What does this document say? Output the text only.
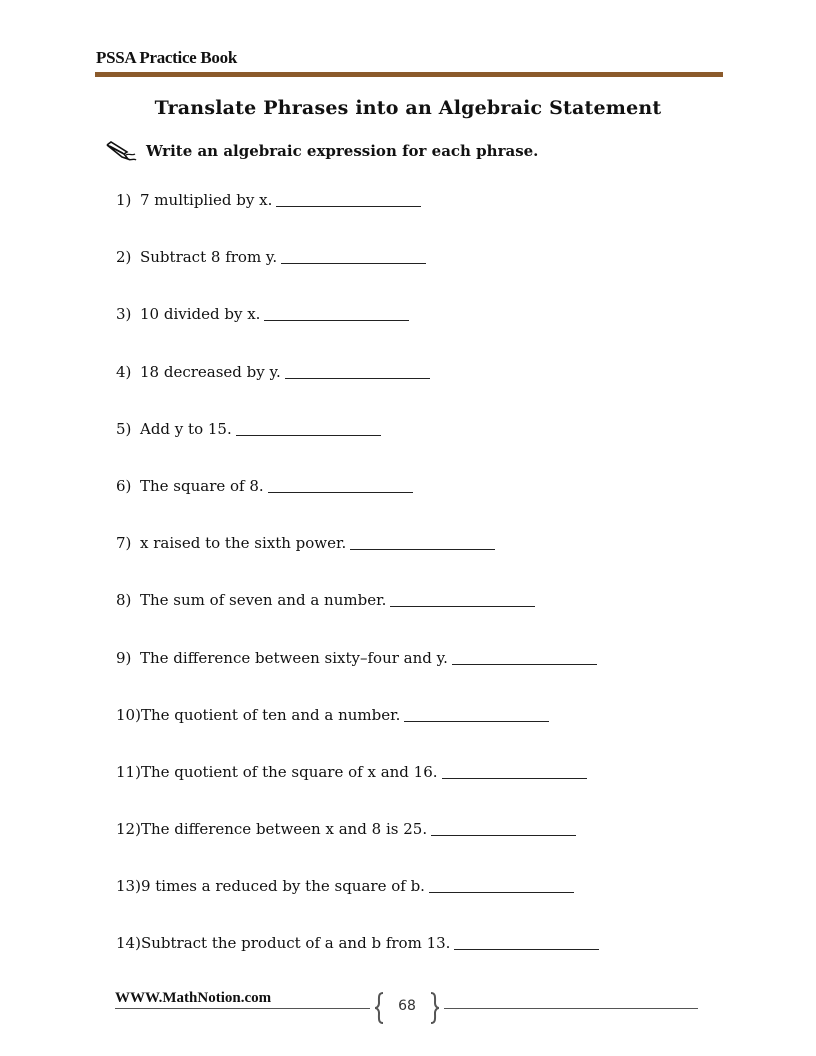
PSSA Practice Book
Translate Phrases into an Algebraic Statement
Write an algebraic expression for each phrase.
1) 7 multiplied by x.
2) Subtract 8 from y.
3) 10 divided by x.
4) 18 decreased by y.
5) Add y to 15.
6) The square of 8.
7) x raised to the sixth power.
8) The sum of seven and a number.
9) The difference between sixty–four and y.
10) The quotient of ten and a number.
11) The quotient of the square of x and 16.
12) The difference between x and 8 is 25.
13) 9 times a reduced by the square of b.
14) Subtract the product of a and b from 13.
WWW.MathNotion.com	68
